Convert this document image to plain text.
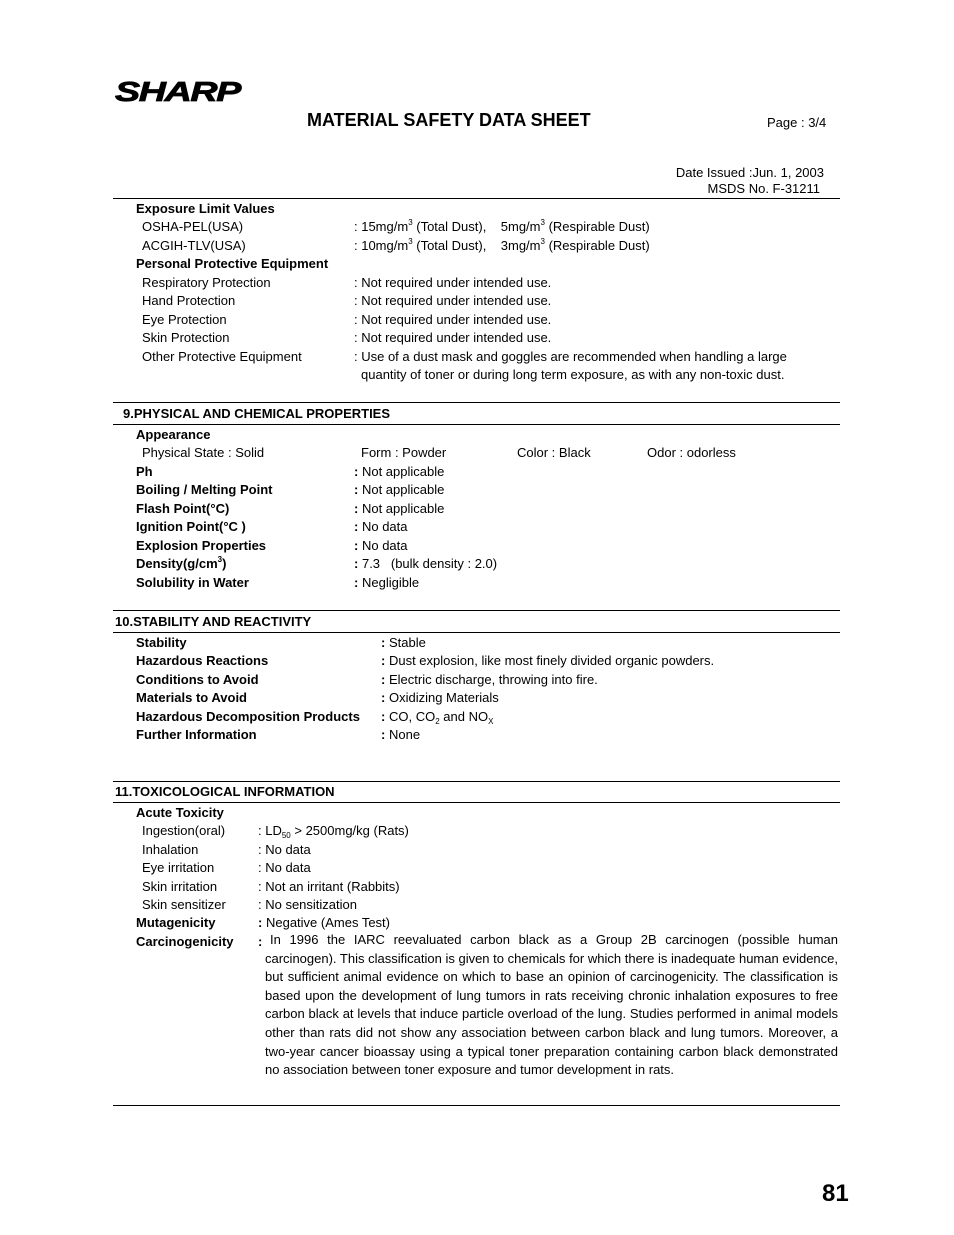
SHARP
MATERIAL SAFETY DATA SHEET	Page : 3/4
Date Issued :Jun. 1, 2003
MSDS No. F-31211
Exposure Limit Values
OSHA-PEL(USA)	: $15mg/m^3$ (Total Dust),    $5mg/m^3$ (Respirable Dust)
ACGIH-TLV(USA)	: $10mg/m^3$ (Total Dust),    $3mg/m^3$ (Respirable Dust)
Personal Protective Equipment
Respiratory Protection	: Not required under intended use.
Hand Protection	: Not required under intended use.
Eye Protection	: Not required under intended use.
Skin Protection	: Not required under intended use.
Other Protective Equipment	: Use of a dust mask and goggles are recommended when handling a large
quantity of toner or during long term exposure, as with any non-toxic dust.
9.PHYSICAL AND CHEMICAL PROPERTIES
Appearance
Physical State : Solid	Form : Powder	Color : Black	Odor : odorless
Ph	: Not applicable
Boiling / Melting Point	: Not applicable
Flash Point(°C)	: Not applicable
Ignition Point(°C )	: No data
Explosion Properties	: No data
$Density(g/cm^3)$	: 7.3   (bulk density : 2.0)
Solubility in Water	: Negligible
10.STABILITY AND REACTIVITY
Stability	: Stable
Hazardous Reactions	: Dust explosion, like most finely divided organic powders.
Conditions to Avoid	: Electric discharge, throwing into fire.
Materials to Avoid	: Oxidizing Materials
Hazardous Decomposition Products : CO, $CO_2$ and $NO_X$
Further Information	: None
11.TOXICOLOGICAL INFORMATION
Acute Toxicity
Ingestion(oral)	: $LD_{50} > 2500mg/kg$ (Rats)
Inhalation	: No data
Eye irritation	: No data
Skin irritation	: Not an irritant (Rabbits)
Skin sensitizer : No sensitization
Mutagenicity	: Negative (Ames Test)
Carcinogenicity : In 1996 the IARC reevaluated carbon black as a Group 2B carcinogen (possible human carcinogen). This classification is given to chemicals for which there is inadequate human evidence, but sufficient animal evidence on which to base an opinion of carcinogenicity. The classification is based upon the development of lung tumors in rats receiving chronic inhalation exposures to free carbon black at levels that induce particle overload of the lung. Studies performed in animal models other than rats did not show any association between carbon black and lung tumors. Moreover, a two-year cancer bioassay using a typical toner preparation containing carbon black demonstrated no association between toner exposure and tumor development in rats.
81
